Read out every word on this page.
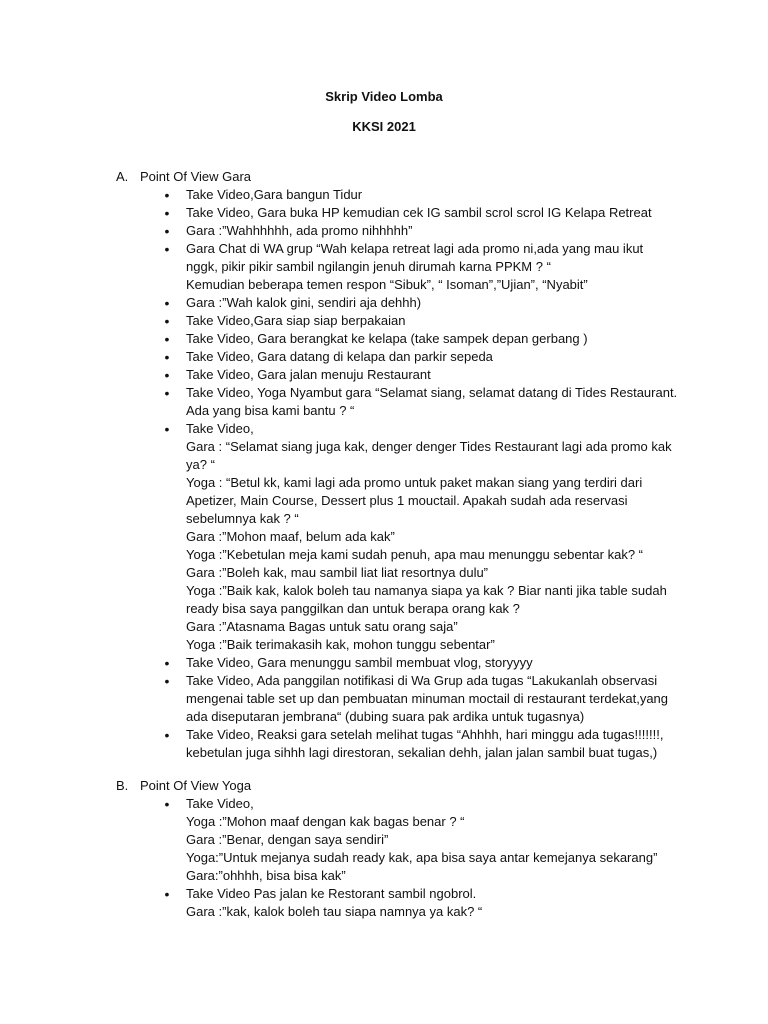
Skrip Video Lomba
KKSI 2021
A. Point Of View Gara
• Take Video,Gara bangun Tidur
• Take Video, Gara buka HP kemudian cek IG sambil scrol scrol IG Kelapa Retreat
• Gara :”Wahhhhhh, ada promo nihhhhh”
• Gara Chat di WA grup “Wah kelapa retreat lagi ada promo ni,ada yang mau ikut
nggk, pikir pikir sambil ngilangin jenuh dirumah karna PPKM ? “
Kemudian beberapa temen respon “Sibuk”, “ Isoman”,”Ujian”, “Nyabit”
• Gara :”Wah kalok gini, sendiri aja dehhh)
• Take Video,Gara siap siap berpakaian
• Take Video, Gara berangkat ke kelapa (take sampek depan gerbang )
• Take Video, Gara datang di kelapa dan parkir sepeda
• Take Video, Gara jalan menuju Restaurant
• Take Video, Yoga Nyambut gara “Selamat siang, selamat datang di Tides Restaurant.
Ada yang bisa kami bantu ? “
• Take Video,
Gara : “Selamat siang juga kak, denger denger Tides Restaurant lagi ada promo kak
ya? “
Yoga : “Betul kk, kami lagi ada promo untuk paket makan siang yang terdiri dari
Apetizer, Main Course, Dessert plus 1 mouctail. Apakah sudah ada reservasi
sebelumnya kak ? “
Gara :”Mohon maaf, belum ada kak”
Yoga :”Kebetulan meja kami sudah penuh, apa mau menunggu sebentar kak? “
Gara :”Boleh kak, mau sambil liat liat resortnya dulu”
Yoga :”Baik kak, kalok boleh tau namanya siapa ya kak ? Biar nanti jika table sudah
ready bisa saya panggilkan dan untuk berapa orang kak ?
Gara :”Atasnama Bagas untuk satu orang saja”
Yoga :”Baik terimakasih kak, mohon tunggu sebentar”
• Take Video, Gara menunggu sambil membuat vlog, storyyyy
• Take Video, Ada panggilan notifikasi di Wa Grup ada tugas “Lakukanlah observasi
mengenai table set up dan pembuatan minuman moctail di restaurant terdekat,yang
ada diseputaran jembrana“ (dubing suara pak ardika untuk tugasnya)
• Take Video, Reaksi gara setelah melihat tugas “Ahhhh, hari minggu ada tugas!!!!!!!,
kebetulan juga sihhh lagi direstoran, sekalian dehh, jalan jalan sambil buat tugas,)
B. Point Of View Yoga
• Take Video,
Yoga :”Mohon maaf dengan kak bagas benar ? “
Gara :”Benar, dengan saya sendiri”
Yoga:”Untuk mejanya sudah ready kak, apa bisa saya antar kemejanya sekarang”
Gara:”ohhhh, bisa bisa kak”
• Take Video Pas jalan ke Restorant sambil ngobrol.
Gara :”kak, kalok boleh tau siapa namnya ya kak? “
